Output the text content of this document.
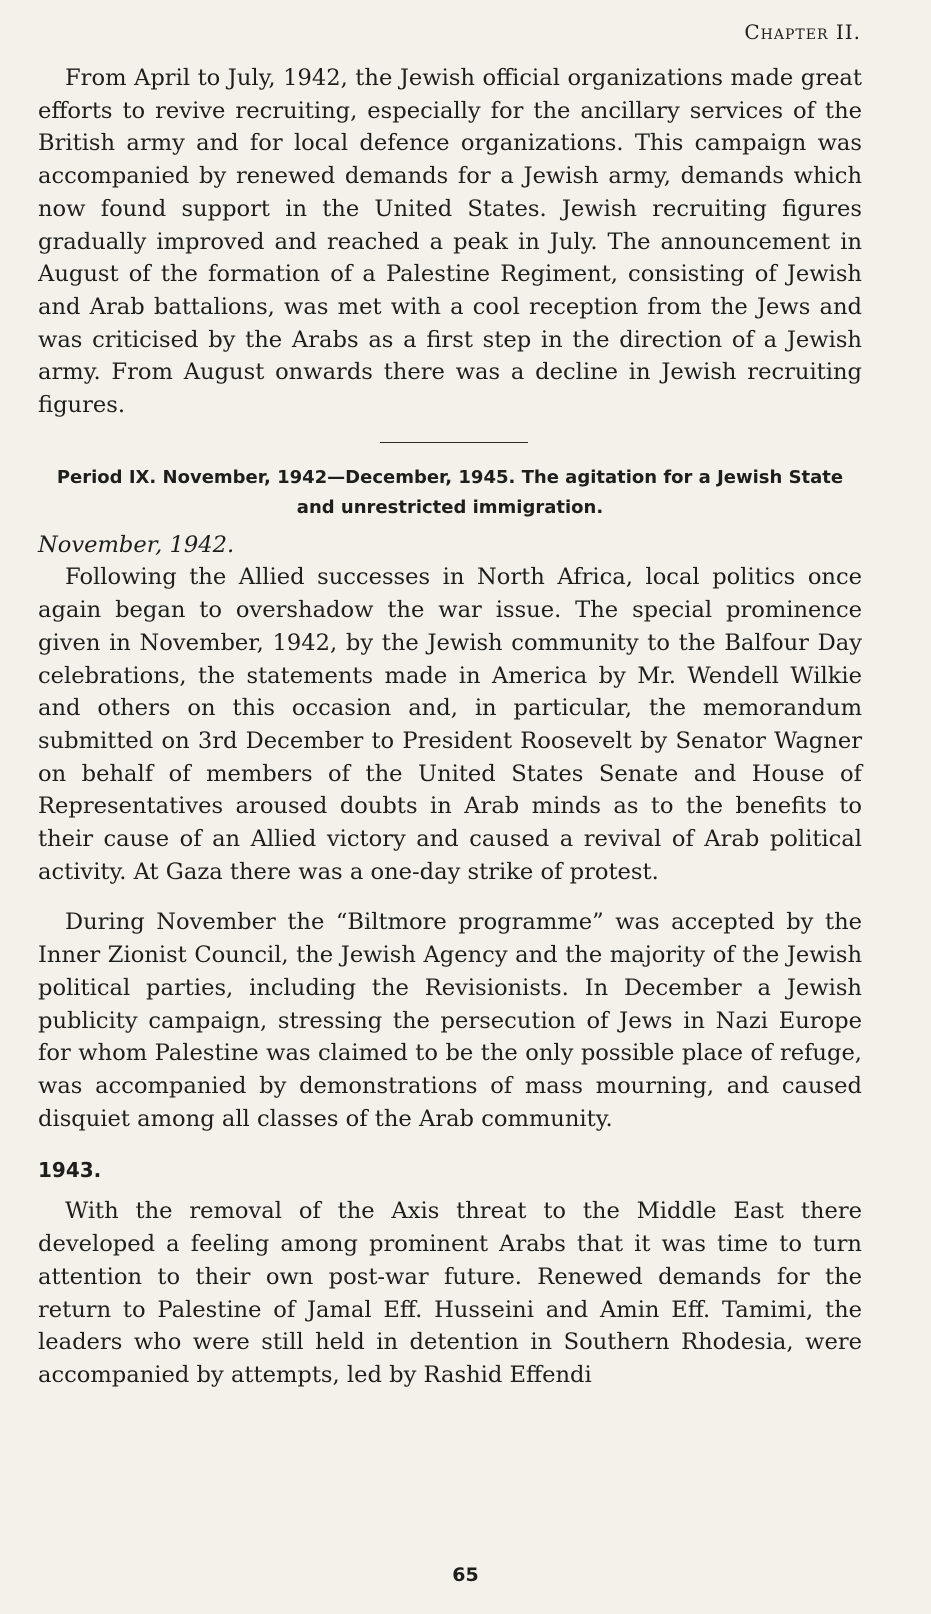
Chapter II.

From April to July, 1942, the Jewish official organizations made great efforts to revive recruiting, especially for the ancillary services of the British army and for local defence organizations. This campaign was accompanied by renewed demands for a Jewish army, demands which now found support in the United States. Jewish recruiting figures gradually improved and reached a peak in July. The announcement in August of the formation of a Palestine Regiment, consisting of Jewish and Arab battalions, was met with a cool reception from the Jews and was criticised by the Arabs as a first step in the direction of a Jewish army. From August onwards there was a decline in Jewish recruiting figures.

Period IX. November, 1942—December, 1945. The agitation for a Jewish State and unrestricted immigration.
November, 1942.

Following the Allied successes in North Africa, local politics once again began to overshadow the war issue. The special prominence given in November, 1942, by the Jewish community to the Balfour Day celebrations, the statements made in America by Mr. Wendell Wilkie and others on this occasion and, in particular, the memorandum submitted on 3rd December to President Roosevelt by Senator Wagner on behalf of members of the United States Senate and House of Representatives aroused doubts in Arab minds as to the benefits to their cause of an Allied victory and caused a revival of Arab political activity. At Gaza there was a one-day strike of protest.

During November the “Biltmore programme” was accepted by the Inner Zionist Council, the Jewish Agency and the majority of the Jewish political parties, including the Revisionists. In December a Jewish publicity campaign, stressing the persecution of Jews in Nazi Europe for whom Palestine was claimed to be the only possible place of refuge, was accompanied by demonstrations of mass mourning, and caused disquiet among all classes of the Arab community.

1943.

With the removal of the Axis threat to the Middle East there developed a feeling among prominent Arabs that it was time to turn attention to their own post-war future. Renewed demands for the return to Palestine of Jamal Eff. Husseini and Amin Eff. Tamimi, the leaders who were still held in detention in Southern Rhodesia, were accompanied by attempts, led by Rashid Effendi

65
